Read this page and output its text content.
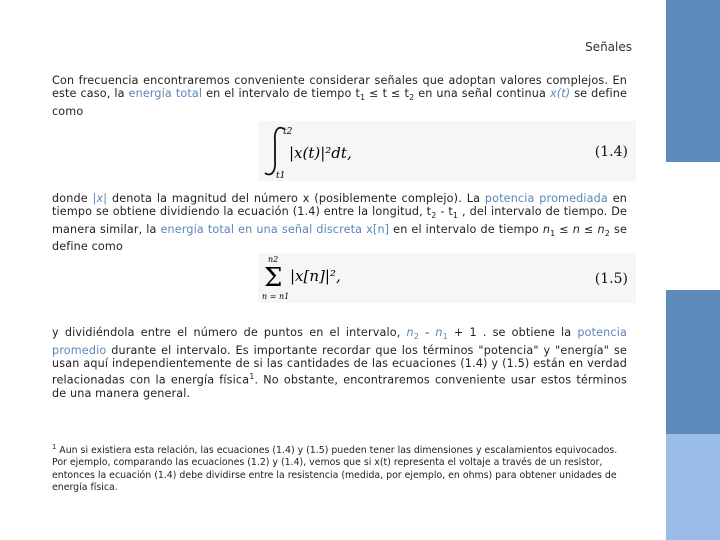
Señales
Con frecuencia encontraremos conveniente considerar señales que adoptan valores complejos. En este caso, la energía total en el intervalo de tiempo $t_1 \le t \le t_2$ en una señal continua x(t) se define como
t2
t1
|x(t)|²dt,	(1.4)
donde |x| denota la magnitud del número x (posiblemente complejo). La potencia promediada en tiempo se obtiene dividiendo la ecuación (1.4) entre la longitud, $t_2 - t_1$ , del intervalo de tiempo. De manera similar, la energía total en una señal discreta x[n] en el intervalo de tiempo $n_1 \le n \le n_2$ se define como
n2
Σ
n = n1
|x[n]|²,	(1.5)
y dividiéndola entre el número de puntos en el intervalo, $n_2 - n_1 + 1$ . se obtiene la potencia promedio durante el intervalo. Es importante recordar que los términos "potencia" y "energía" se usan aquí independientemente de si las cantidades de las ecuaciones (1.4) y (1.5) están en verdad relacionadas con la energía física$^1$. No obstante, encontraremos conveniente usar estos términos de una manera general.
$^1$ Aun si existiera esta relación, las ecuaciones (1.4) y (1.5) pueden tener las dimensiones y escalamientos equivocados. Por ejemplo, comparando las ecuaciones (1.2) y (1.4), vemos que si x(t) representa el voltaje a través de un resistor, entonces la ecuación (1.4) debe dividirse entre la resistencia (medida, por ejemplo, en ohms) para obtener unidades de energía física.
